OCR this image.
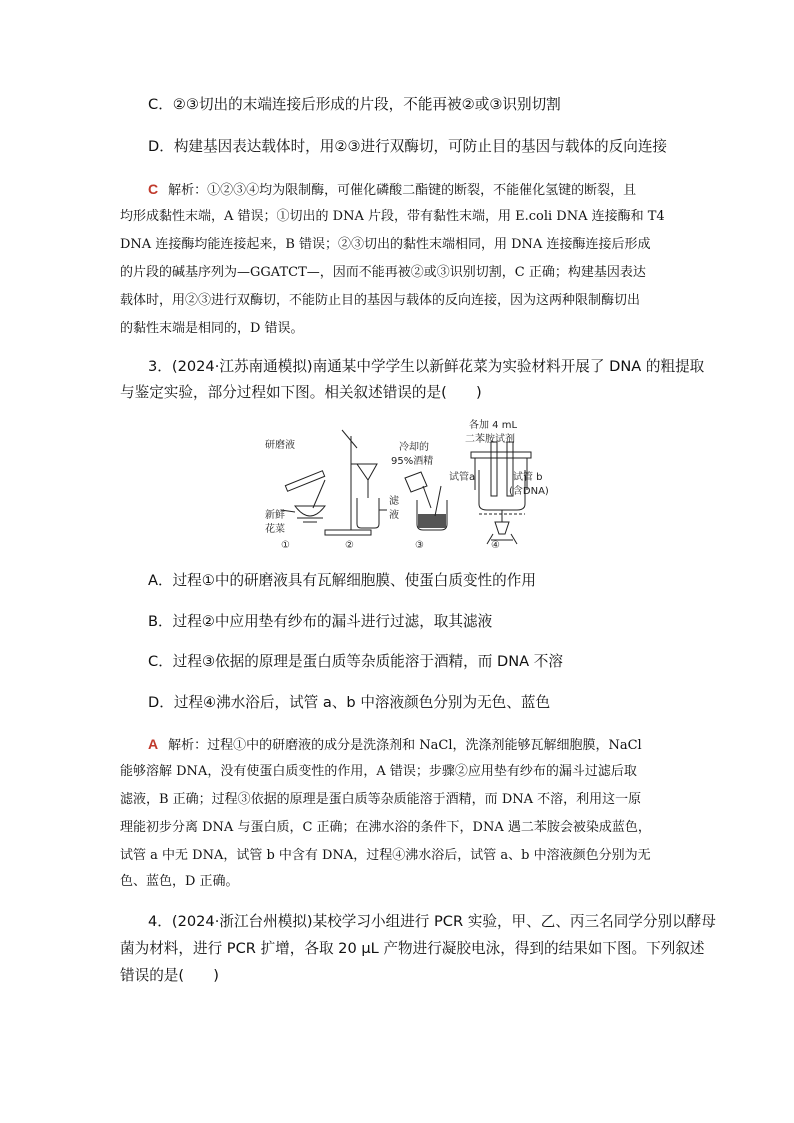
C．②③切出的末端连接后形成的片段，不能再被②或③识别切割
D．构建基因表达载体时，用②③进行双酶切，可防止目的基因与载体的反向连接
C 解析：①②③④均为限制酶，可催化磷酸二酯键的断裂，不能催化氢键的断裂，且
均形成黏性末端，A 错误；①切出的 DNA 片段，带有黏性末端，用 E.coli DNA 连接酶和 T4
DNA 连接酶均能连接起来，B 错误；②③切出的黏性末端相同，用 DNA 连接酶连接后形成
的片段的碱基序列为—GGATCT—，因而不能再被②或③识别切割，C 正确；构建基因表达
载体时，用②③进行双酶切，不能防止目的基因与载体的反向连接，因为这两种限制酶切出
的黏性末端是相同的，D 错误。
3．(2024·江苏南通模拟)南通某中学学生以新鲜花菜为实验材料开展了 DNA 的粗提取
与鉴定实验，部分过程如下图。相关叙述错误的是(　　)
研磨液
新鲜
花菜
滤
液
冷却的
95%酒精
各加 4 mL
二苯胺试剂
试管a	试管 b
(含DNA)
①	②	③	④
A．过程①中的研磨液具有瓦解细胞膜、使蛋白质变性的作用
B．过程②中应用垫有纱布的漏斗进行过滤，取其滤液
C．过程③依据的原理是蛋白质等杂质能溶于酒精，而 DNA 不溶
D．过程④沸水浴后，试管 a、b 中溶液颜色分别为无色、蓝色
A 解析：过程①中的研磨液的成分是洗涤剂和 NaCl，洗涤剂能够瓦解细胞膜，NaCl
能够溶解 DNA，没有使蛋白质变性的作用，A 错误；步骤②应用垫有纱布的漏斗过滤后取
滤液，B 正确；过程③依据的原理是蛋白质等杂质能溶于酒精，而 DNA 不溶，利用这一原
理能初步分离 DNA 与蛋白质，C 正确；在沸水浴的条件下，DNA 遇二苯胺会被染成蓝色，
试管 a 中无 DNA，试管 b 中含有 DNA，过程④沸水浴后，试管 a、b 中溶液颜色分别为无
色、蓝色，D 正确。
4．(2024·浙江台州模拟)某校学习小组进行 PCR 实验，甲、乙、丙三名同学分别以酵母
菌为材料，进行 PCR 扩增，各取 20 μL 产物进行凝胶电泳，得到的结果如下图。下列叙述
错误的是(　　)
